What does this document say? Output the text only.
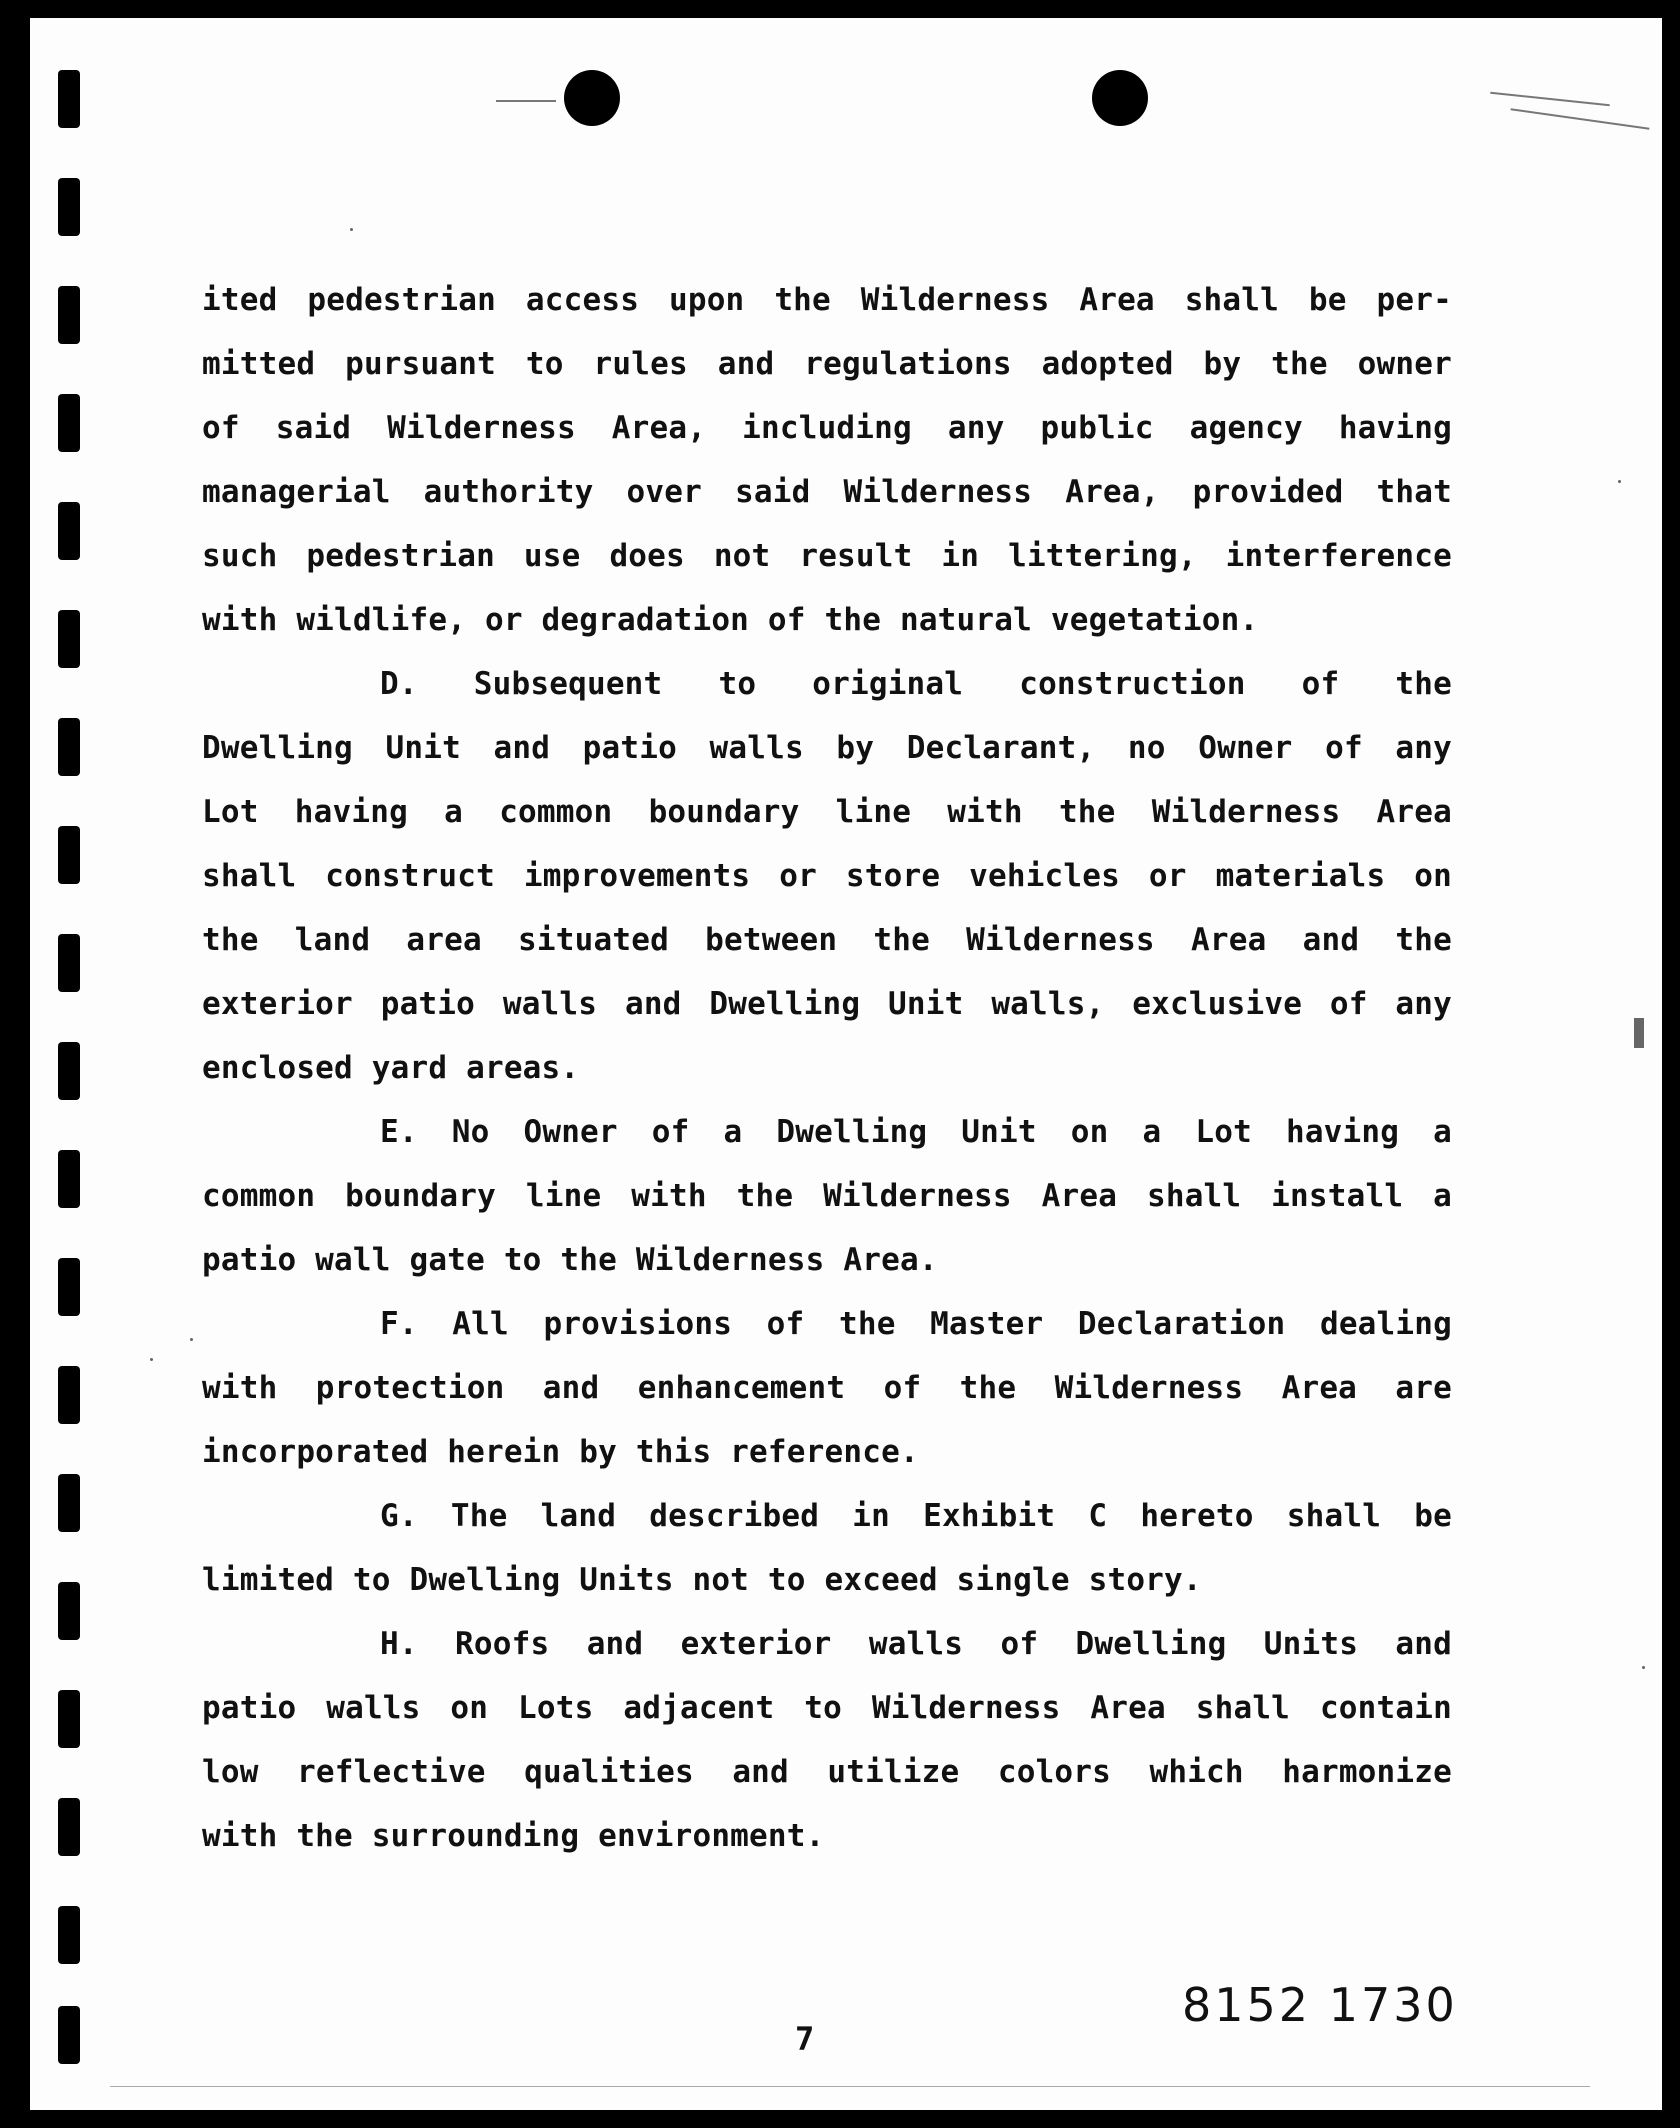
ited pedestrian access upon the Wilderness Area shall be per-
mitted pursuant to rules and regulations adopted by the owner
of said Wilderness Area, including any public agency having
managerial authority over said Wilderness Area, provided that
such pedestrian use does not result in littering, interference
with wildlife, or degradation of the natural vegetation.
D. Subsequent to original construction of the
Dwelling Unit and patio walls by Declarant, no Owner of any
Lot having a common boundary line with the Wilderness Area
shall construct improvements or store vehicles or materials on
the land area situated between the Wilderness Area and the
exterior patio walls and Dwelling Unit walls, exclusive of any
enclosed yard areas.
E. No Owner of a Dwelling Unit on a Lot having a
common boundary line with the Wilderness Area shall install a
patio wall gate to the Wilderness Area.
F. All provisions of the Master Declaration dealing
with protection and enhancement of the Wilderness Area are
incorporated herein by this reference.
G. The land described in Exhibit C hereto shall be
limited to Dwelling Units not to exceed single story.
H. Roofs and exterior walls of Dwelling Units and
patio walls on Lots adjacent to Wilderness Area shall contain
low reflective qualities and utilize colors which harmonize
with the surrounding environment.
8152 1730
7
